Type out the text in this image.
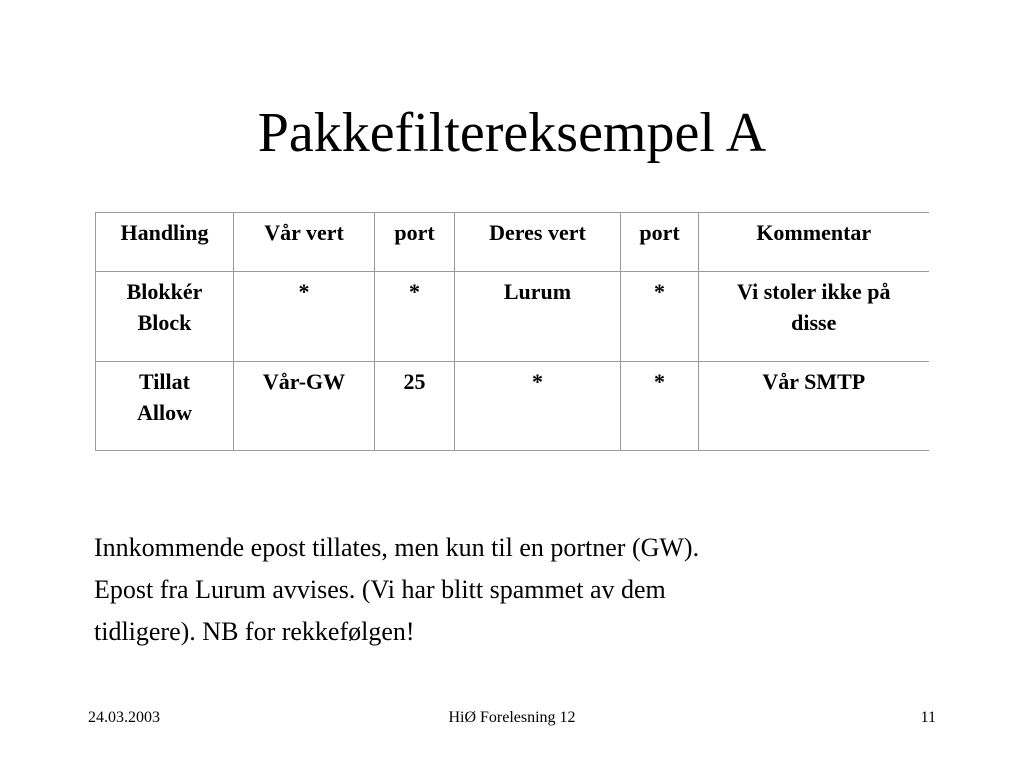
Pakkefiltereksempel A
Handling	Vår vert	port	Deres vert	port	Kommentar

Blokkér
Block	*	*	Lurum	*	Vi stoler ikke på
disse

Tillat
Allow	Vår-GW	25	*	*	Vår SMTP
Innkommende epost tillates, men kun til en portner (GW).
Epost fra Lurum avvises. (Vi har blitt spammet av dem
tidligere). NB for rekkefølgen!
24.03.2003	HiØ Forelesning 12	11
